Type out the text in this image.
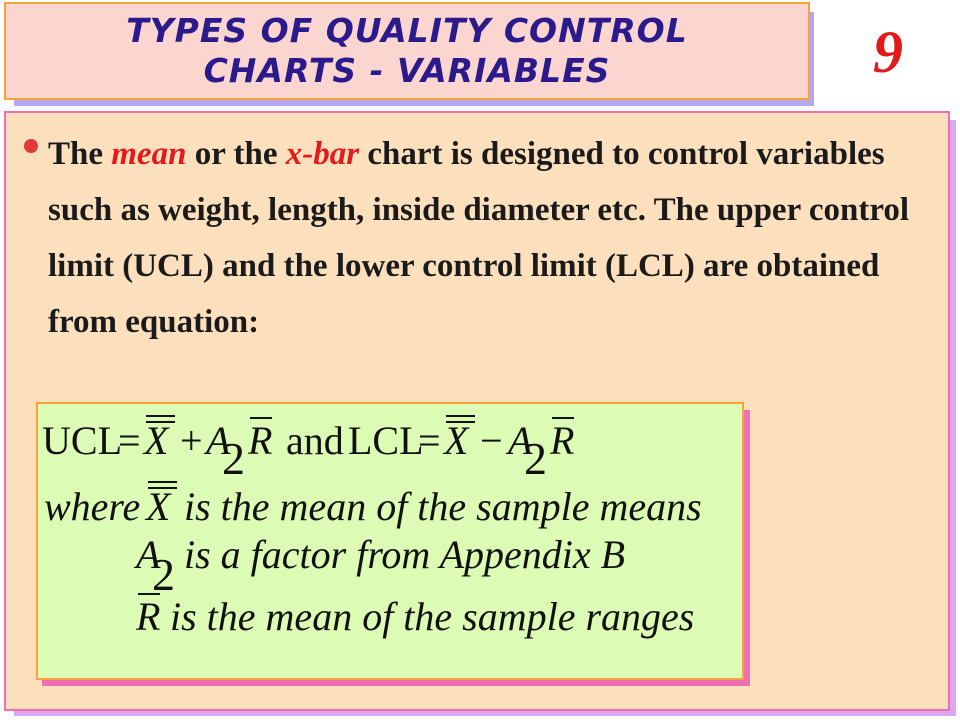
TYPES OF QUALITY CONTROL
CHARTS - VARIABLES	9
The mean or the x-bar chart is designed to control variables such as weight, length, inside diameter etc. The upper control limit (UCL) and the lower control limit (LCL) are obtained from equation:
UCL
= X + A
2 R and LCL
= X − A
2 R
where X is the mean of the sample means
A
2 is a factor from Appendix B
R is the mean of the sample ranges
